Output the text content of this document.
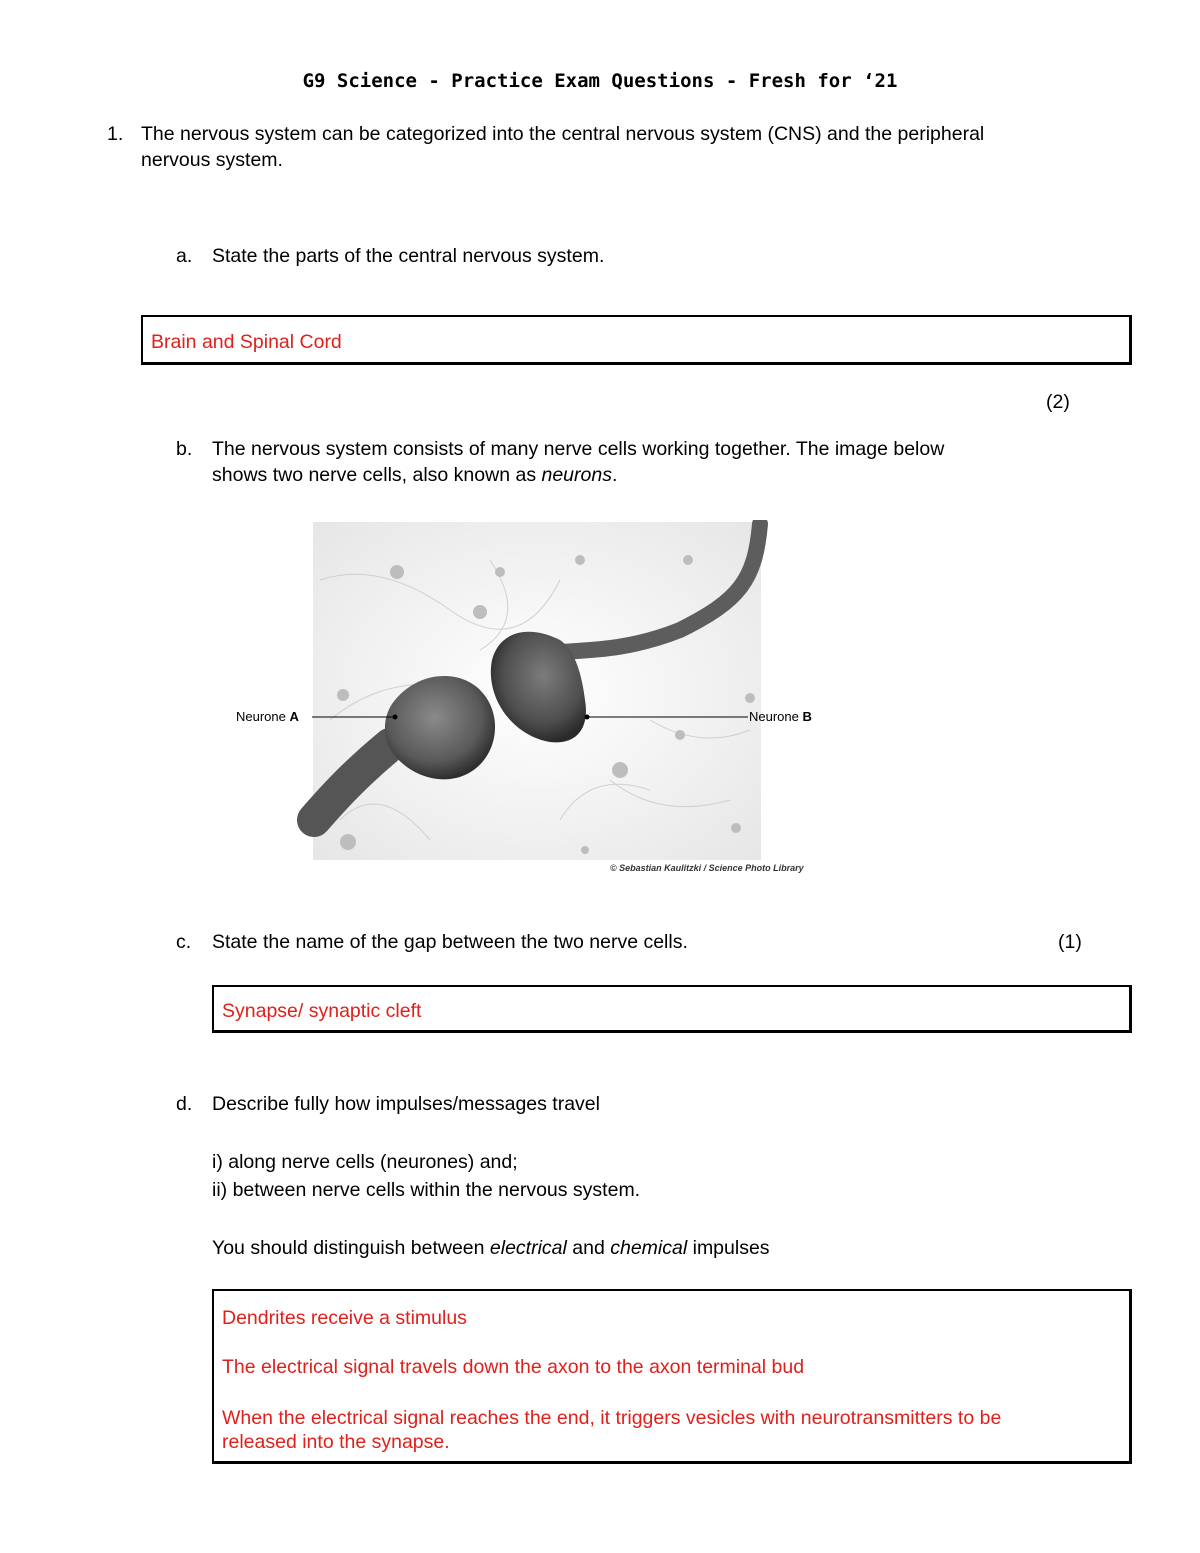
G9 Science - Practice Exam Questions - Fresh for ‘21

1. The nervous system can be categorized into the central nervous system (CNS) and the peripheral

nervous system.

a. State the parts of the central nervous system.

Brain and Spinal Cord

(2)

b. The nervous system consists of many nerve cells working together. The image below

shows two nerve cells, also known as neurons.

Neurone A	Neurone B
© Sebastian Kaulitzki / Science Photo Library

c. State the name of the gap between the two nerve cells.	(1)

Synapse/ synaptic cleft

d. Describe fully how impulses/messages travel

i) along nerve cells (neurones) and;

ii) between nerve cells within the nervous system.

You should distinguish between electrical and chemical impulses

Dendrites receive a stimulus
The electrical signal travels down the axon to the axon terminal bud
When the electrical signal reaches the end, it triggers vesicles with neurotransmitters to be
released into the synapse.
